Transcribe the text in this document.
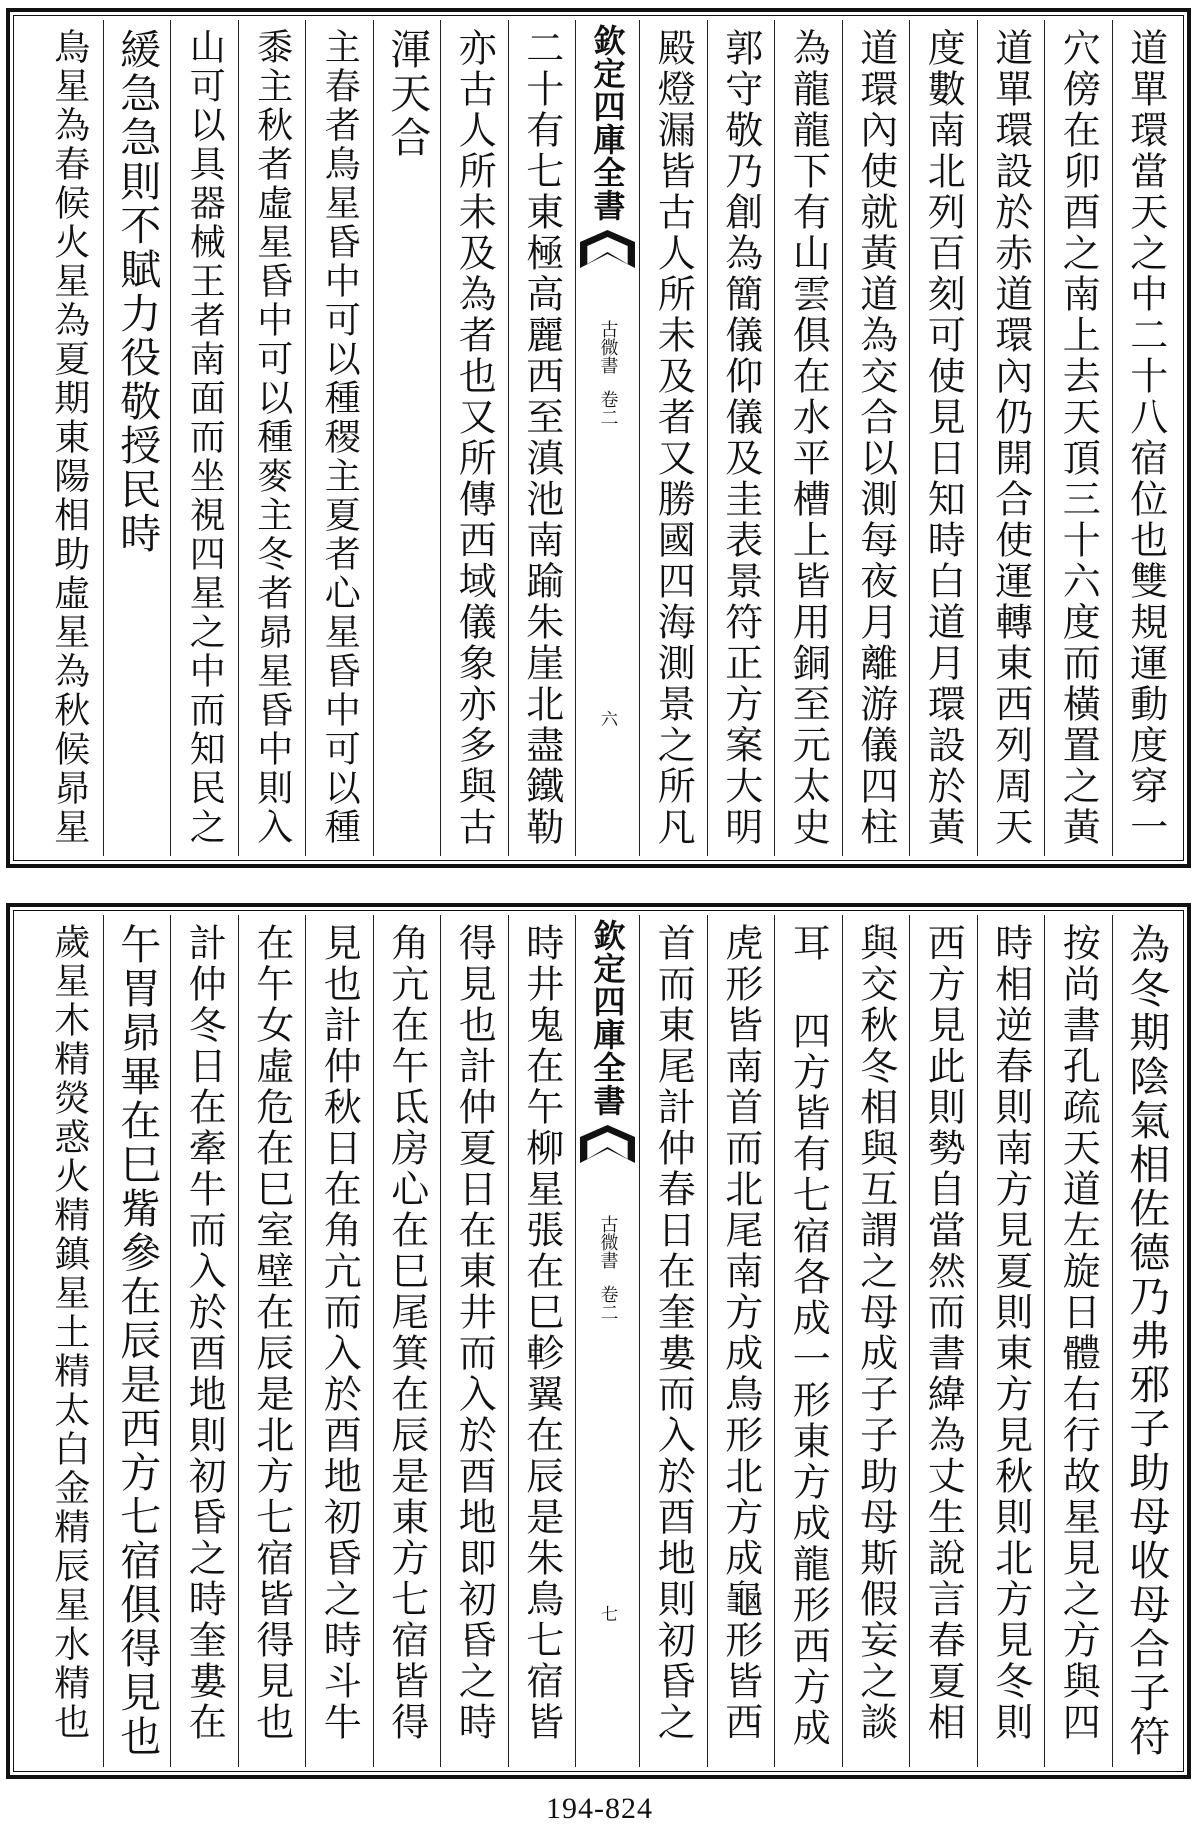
道單環當天之中二十八宿位也雙規運動度穿一
穴傍在卯酉之南上去天頂三十六度而橫置之黃
道單環設於赤道環內仍開合使運轉東西列周天
度數南北列百刻可使見日知時白道月環設於黃
道環內使就黃道為交合以測每夜月離游儀四柱
為龍龍下有山雲俱在水平槽上皆用銅至元太史
郭守敬乃創為簡儀仰儀及圭表景符正方案大明
殿燈漏皆古人所未及者又勝國四海測景之所凡
欽定四庫全書
古微書
卷二
六
二十有七東極高麗西至滇池南踰朱崖北盡鐵勒
亦古人所未及為者也又所傳西域儀象亦多與古
渾天合
主春者鳥星昏中可以種稷主夏者心星昏中可以種
黍主秋者虛星昏中可以種麥主冬者昴星昏中則入
山可以具器械王者南面而坐視四星之中而知民之
緩急急則不賦力役敬授民時
鳥星為春候火星為夏期東陽相助虛星為秋候昴星
為冬期陰氣相佐德乃弗邪子助母收母合子符
按尚書孔疏天道左旋日體右行故星見之方與四
時相逆春則南方見夏則東方見秋則北方見冬則
西方見此則勢自當然而書緯為丈生說言春夏相
與交秋冬相與互謂之母成子子助母斯假妄之談
耳 四方皆有七宿各成一形東方成龍形西方成
虎形皆南首而北尾南方成鳥形北方成龜形皆西
首而東尾計仲春日在奎婁而入於酉地則初昏之
欽定四庫全書
古微書
卷二
七
時井鬼在午柳星張在巳軫翼在辰是朱鳥七宿皆
得見也計仲夏日在東井而入於酉地即初昏之時
角亢在午氐房心在巳尾箕在辰是東方七宿皆得
見也計仲秋日在角亢而入於酉地初昏之時斗牛
在午女虛危在巳室壁在辰是北方七宿皆得見也
計仲冬日在牽牛而入於酉地則初昏之時奎婁在
午胃昴畢在巳觜參在辰是西方七宿俱得見也
歲星木精熒惑火精鎮星土精太白金精辰星水精也
194-824
